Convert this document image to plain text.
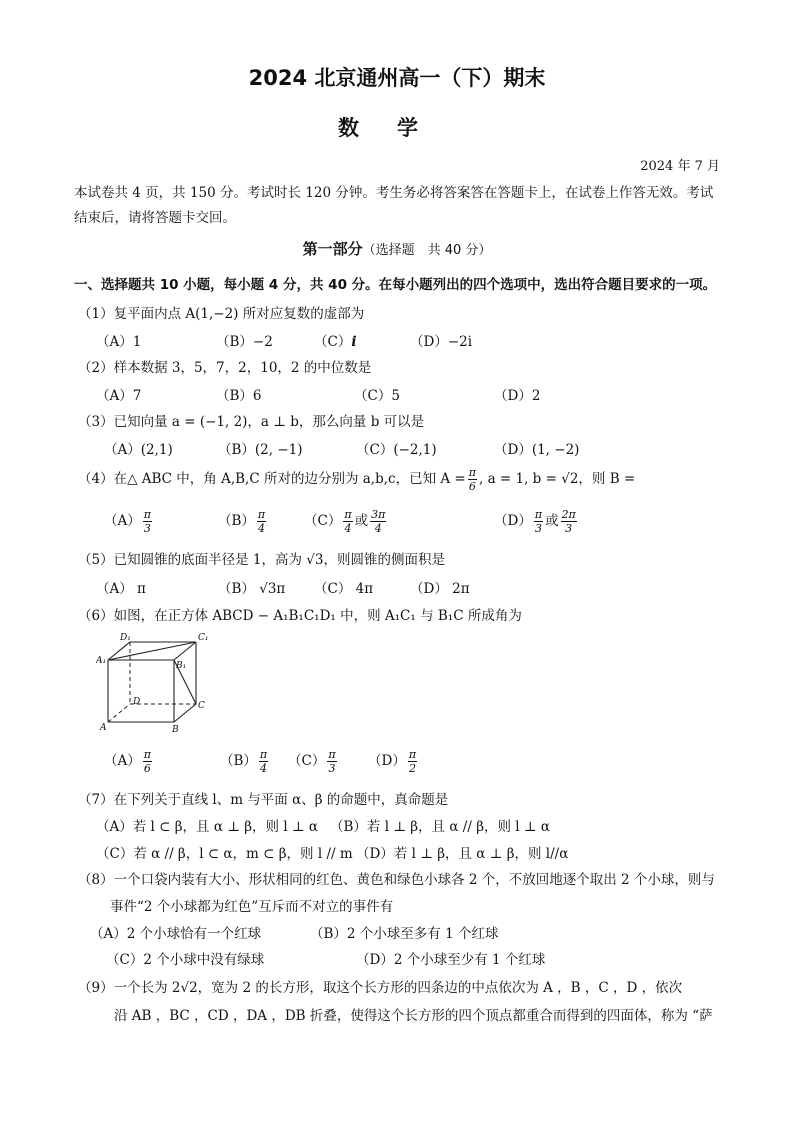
2024 北京通州高一（下）期末
数学
2024 年 7 月
本试卷共 4 页，共 150 分。考试时长 120 分钟。考生务必将答案答在答题卡上，在试卷上作答无效。考试结束后，请将答题卡交回。
第一部分（选择题　共 40 分）
一、选择题共 10 小题，每小题 4 分，共 40 分。在每小题列出的四个选项中，选出符合题目要求的一项。
（1）复平面内点 A(1,−2) 所对应复数的虚部为
（A）1	（B）−2	（C）i	（D）−2i
（2）样本数据 3，5，7，2，10，2 的中位数是
（A）7	（B）6	（C）5	（D）2
（3）已知向量 a = (−1, 2)，a ⊥ b，那么向量 b 可以是
（A）(2,1)	（B）(2, −1)	（C）(−2,1)	（D）(1, −2)
（4）在△ ABC 中，角 A,B,C 所对的边分别为 a,b,c，已知 $A = \frac{\pi}{6}$ , a = 1, b = √2，则 B =
$(A) \frac{\pi}{3}$	$(B) \frac{\pi}{4}$	$(C) \frac{\pi}{4}$ 或 $\frac{3\pi}{4}$	$(D) \frac{\pi}{3}$ 或 $\frac{2\pi}{3}$
（5）已知圆锥的底面半径是 1，高为 √3，则圆锥的侧面积是
（A） π	（B） √3π （C） 4π	（D） 2π
（6）如图，在正方体 ABCD − A₁B₁C₁D₁ 中，则 A₁C₁ 与 B₁C 所成角为
D₁	C₁
A₁	B₁
D	C
A	B
$(A) \frac{\pi}{6}$	$(B) \frac{\pi}{4} (C) \frac{\pi}{3} (D) \frac{\pi}{2}$
（7）在下列关于直线 l、m 与平面 α、β 的命题中，真命题是
（A）若 l ⊂ β，且 α ⊥ β，则 l ⊥ α （B）若 l ⊥ β，且 α // β，则 l ⊥ α
（C）若 α // β，l ⊂ α，m ⊂ β，则 l // m （D）若 l ⊥ β，且 α ⊥ β，则 l//α
（8）一个口袋内装有大小、形状相同的红色、黄色和绿色小球各 2 个，不放回地逐个取出 2 个小球，则与
事件“2 个小球都为红色”互斥而不对立的事件有
（A）2 个小球恰有一个红球	（B）2 个小球至多有 1 个红球
（C）2 个小球中没有绿球	（D）2 个小球至少有 1 个红球
（9）一个长为 2√2，宽为 2 的长方形，取这个长方形的四条边的中点依次为 A ，B ，C ，D ，依次
沿 AB ，BC ，CD ，DA ，DB 折叠，使得这个长方形的四个顶点都重合而得到的四面体，称为 “萨
